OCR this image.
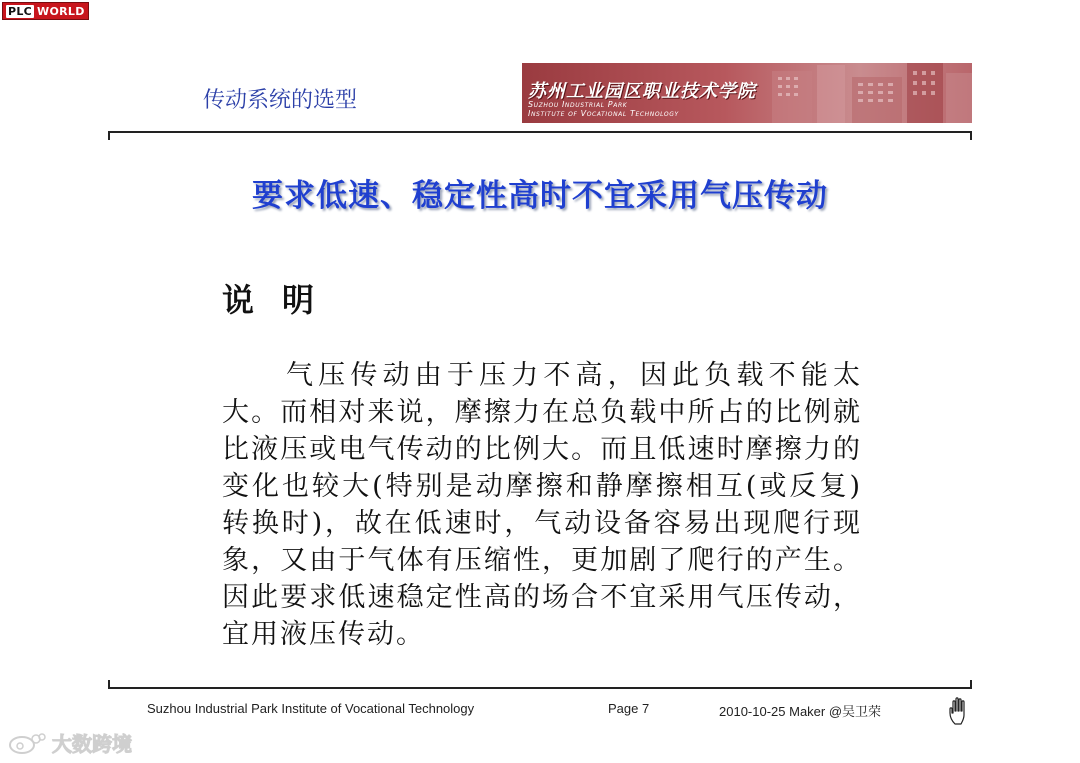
PLC WORLD
传动系统的选型	苏州工业园区职业技术学院
Suzhou Industrial Park
Institute of Vocational Technology
要求低速、稳定性高时不宜采用气压传动
说明

气压传动由于压力不高，因此负载不能太大。而相对来说，摩擦力在总负载中所占的比例就比液压或电气传动的比例大。而且低速时摩擦力的变化也较大(特别是动摩擦和静摩擦相互(或反复)转换时)，故在低速时，气动设备容易出现爬行现象，又由于气体有压缩性，更加剧了爬行的产生。因此要求低速稳定性高的场合不宜采用气压传动，宜用液压传动。

Suzhou Industrial Park Institute of Vocational Technology	Page 7	2010-10-25 Maker @吴卫荣
大数跨境
